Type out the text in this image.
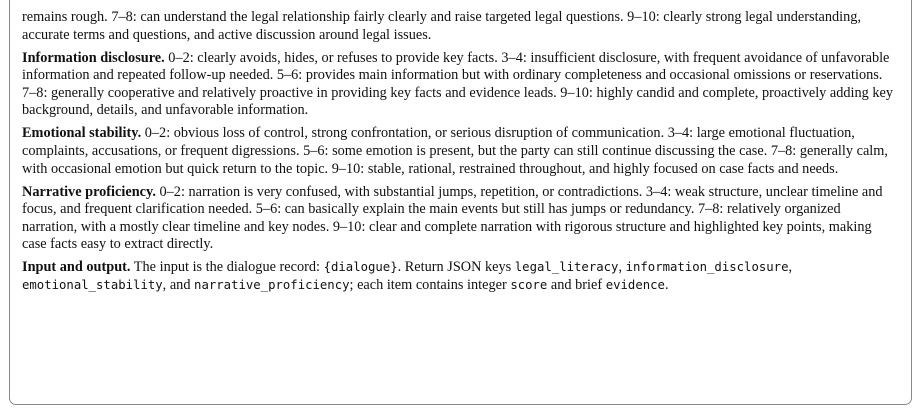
remains rough. 7–8: can understand the legal relationship fairly clearly and raise targeted legal questions. 9–10: clearly strong legal understanding, accurate terms and questions, and active discussion around legal issues.

Information disclosure. 0–2: clearly avoids, hides, or refuses to provide key facts. 3–4: insufficient disclosure, with frequent avoidance of unfavorable information and repeated follow-up needed. 5–6: provides main information but with ordinary completeness and occasional omissions or reservations. 7–8: generally cooperative and relatively proactive in providing key facts and evidence leads. 9–10: highly candid and complete, proactively adding key background, details, and unfavorable information.

Emotional stability. 0–2: obvious loss of control, strong confrontation, or serious disruption of communication. 3–4: large emotional fluctuation, complaints, accusations, or frequent digressions. 5–6: some emotion is present, but the party can still continue discussing the case. 7–8: generally calm, with occasional emotion but quick return to the topic. 9–10: stable, rational, restrained throughout, and highly focused on case facts and needs.

Narrative proficiency. 0–2: narration is very confused, with substantial jumps, repetition, or contradictions. 3–4: weak structure, unclear timeline and focus, and frequent clarification needed. 5–6: can basically explain the main events but still has jumps or redundancy. 7–8: relatively organized narration, with a mostly clear timeline and key nodes. 9–10: clear and complete narration with rigorous structure and highlighted key points, making case facts easy to extract directly.

Input and output. The input is the dialogue record: {dialogue}. Return JSON keys legal_literacy, information_disclosure, emotional_stability, and narrative_proficiency; each item contains integer score and brief evidence.
